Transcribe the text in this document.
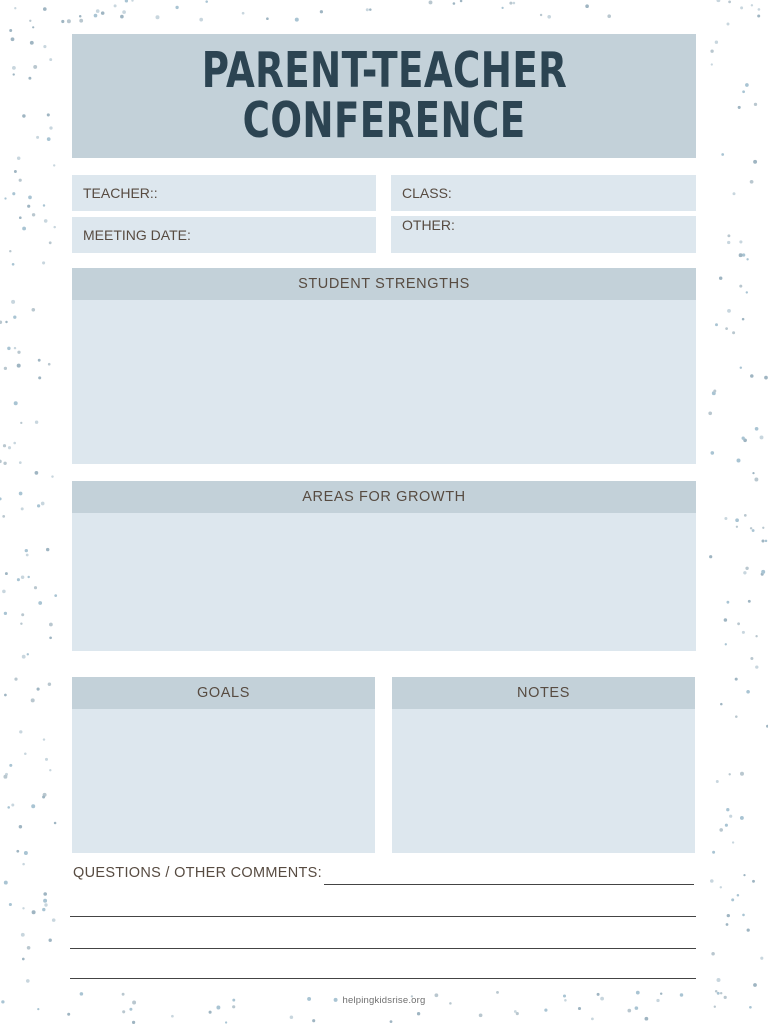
PARENT-TEACHER
CONFERENCE
TEACHER::	CLASS:
MEETING DATE:
OTHER:
STUDENT STRENGTHS
AREAS FOR GROWTH
GOALS	NOTES
QUESTIONS / OTHER COMMENTS:
helpingkidsrise.org
